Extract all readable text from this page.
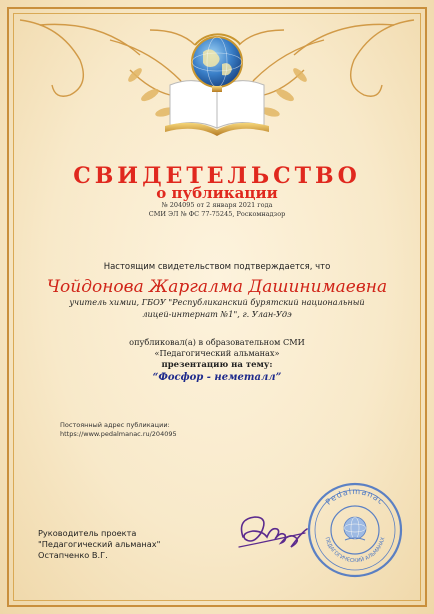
СВИДЕТЕЛЬСТВО
о публикации
№ 204095 от 2 января 2021 года
СМИ ЭЛ № ФС 77-75245, Роскомнадзор
Настоящим свидетельством подтверждается, что
Чойдонова Жаргалма Дашинимаевна
учитель химии, ГБОУ "Республиканский бурятский национальный
лицей-интернат №1", г. Улан-Удэ
опубликовал(а) в образовательном СМИ
«Педагогический альманах»
презентацию на тему:
“Фосфор - неметалл”
Постоянный адрес публикации:
https://www.pedalmanac.ru/204095
Руководитель проекта
"Педагогический альманах"
Остапченко В.Г.
Pedalmanac
ПЕДАГОГИЧЕСКИЙ АЛЬМАНАХ
